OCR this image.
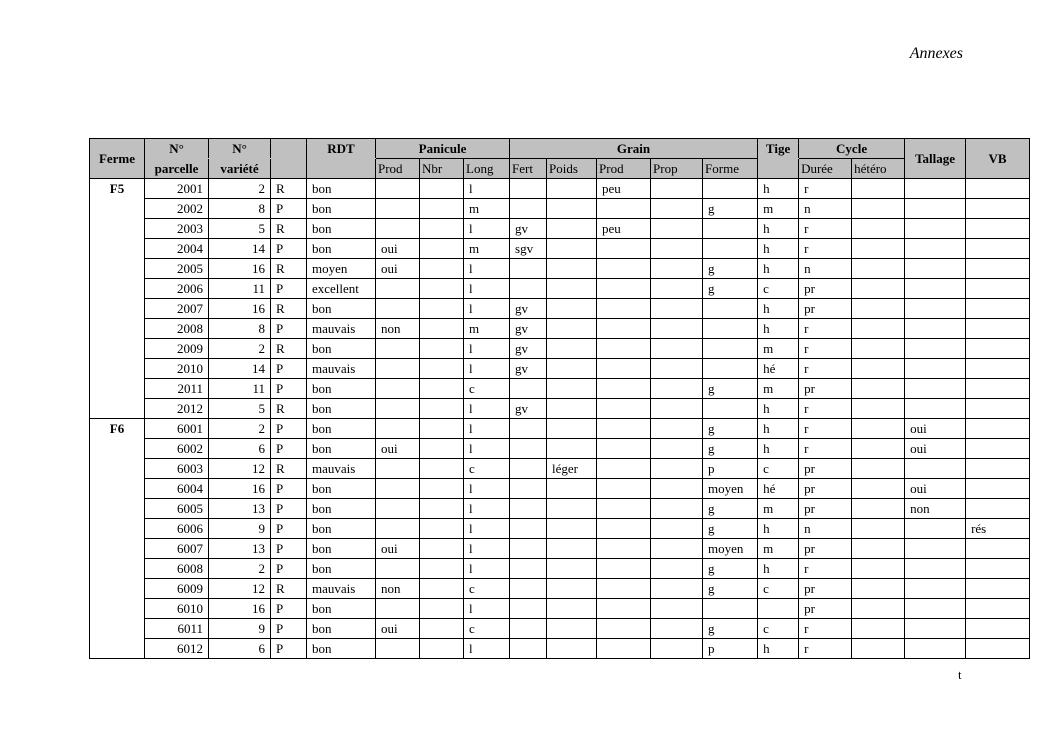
Annexes
Ferme	N°	N°		RDT	Panicule			Grain					Tige	Cycle		Tallage	VB
	parcelle	variété			Prod	Nbr	Long	Fert	Poids	Prod	Prop	Forme		Durée	hétéro		
F5	2001	2	R	bon			l			peu			h	r			
	2002	8	P	bon			m					g	m	n			
	2003	5	R	bon			l	gv		peu			h	r			
	2004	14	P	bon	oui		m	sgv					h	r			
	2005	16	R	moyen	oui		l					g	h	n			
	2006	11	P	excellent			l					g	c	pr			
	2007	16	R	bon			l	gv					h	pr			
	2008	8	P	mauvais	non		m	gv					h	r			
	2009	2	R	bon			l	gv					m	r			
	2010	14	P	mauvais			l	gv					hé	r			
	2011	11	P	bon			c					g	m	pr			
	2012	5	R	bon			l	gv					h	r			
F6	6001	2	P	bon			l					g	h	r		oui	
	6002	6	P	bon	oui		l					g	h	r		oui	
	6003	12	R	mauvais			c		léger			p	c	pr			
	6004	16	P	bon			l					moyen	hé	pr		oui	
	6005	13	P	bon			l					g	m	pr		non	
	6006	9	P	bon			l					g	h	n			rés
	6007	13	P	bon	oui		l					moyen	m	pr			
	6008	2	P	bon			l					g	h	r			
	6009	12	R	mauvais	non		c					g	c	pr			
	6010	16	P	bon			l							pr			
	6011	9	P	bon	oui		c					g	c	r			
	6012	6	P	bon			l					p	h	r			
t
